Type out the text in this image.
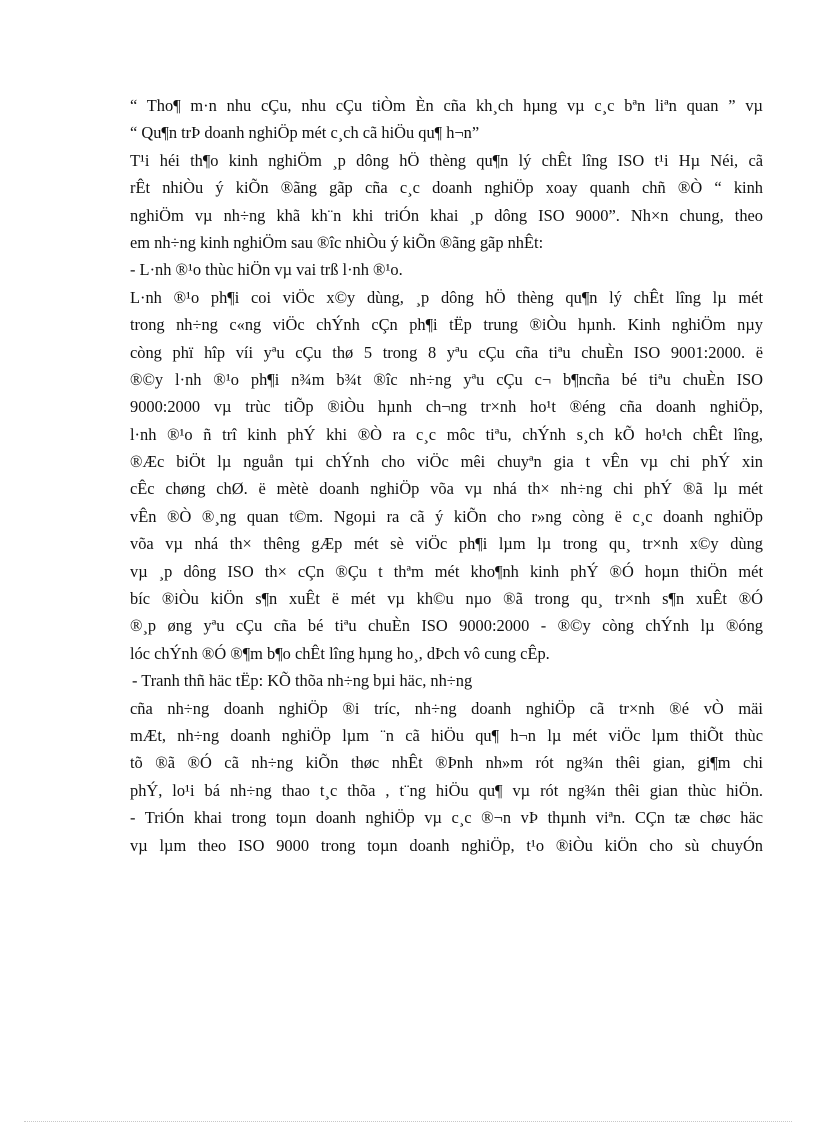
“ Tho¶ m·n nhu cÇu, nhu cÇu tiÒm Èn cña kh¸ch hµng vµ c¸c bªn liªn quan ” vµ
“ Qu¶n trÞ doanh nghiÖp mét c¸ch cã hiÖu qu¶ h¬n”
T¹i héi th¶o kinh nghiÖm ¸p dông hÖ thèng qu¶n lý chÊt lîng ISO t¹i Hµ Néi, cã
rÊt nhiÒu ý kiÕn ®ãng gãp cña c¸c doanh nghiÖp xoay quanh chñ ®Ò “ kinh
nghiÖm vµ nh÷ng khã kh¨n khi triÓn khai ¸p dông ISO 9000”. Nh×n chung, theo
em nh÷ng kinh nghiÖm sau ®îc nhiÒu ý kiÕn ®ãng gãp nhÊt:
- L·nh ®¹o thùc hiÖn vµ vai trß l·nh ®¹o.
L·nh ®¹o ph¶i coi viÖc x©y dùng, ¸p dông hÖ thèng qu¶n lý chÊt lîng lµ mét
trong nh÷ng c«ng viÖc chÝnh cÇn ph¶i tËp trung ®iÒu hµnh. Kinh nghiÖm nµy
còng phï hîp víi yªu cÇu thø 5 trong 8 yªu cÇu cña tiªu chuÈn ISO 9001:2000. ë
®©y l·nh ®¹o ph¶i n¾m b¾t ®îc nh÷ng yªu cÇu c¬ b¶ncña bé tiªu chuÈn ISO
9000:2000 vµ trùc tiÕp ®iÒu hµnh ch¬ng tr×nh ho¹t ®éng cña doanh nghiÖp,
l·nh ®¹o ñ trî kinh phÝ khi ®Ò ra c¸c môc tiªu, chÝnh s¸ch kÕ ho¹ch chÊt lîng,
®Æc biÖt lµ nguån tµi chÝnh cho viÖc mêi chuyªn gia t vÊn vµ chi phÝ xin
cÊc chøng chØ. ë mètè doanh nghiÖp võa vµ nhá th× nh÷ng chi phÝ ®ã lµ mét
vÊn ®Ò ®¸ng quan t©m. Ngoµi ra cã ý kiÕn cho r»ng còng ë c¸c doanh nghiÖp
võa vµ nhá th× thêng gÆp mét sè viÖc ph¶i lµm lµ trong qu¸ tr×nh x©y dùng
vµ ¸p dông ISO th× cÇn ®Çu t thªm mét kho¶nh kinh phÝ ®Ó hoµn thiÖn mét
bíc ®iÒu kiÖn s¶n xuÊt ë mét vµ kh©u nµo ®ã trong qu¸ tr×nh s¶n xuÊt ®Ó
®¸p øng yªu cÇu cña bé tiªu chuÈn ISO 9000:2000 - ®©y còng chÝnh lµ ®óng
lóc chÝnh ®Ó ®¶m b¶o chÊt lîng hµng ho¸, dÞch vô cung cÊp.
- Tranh thñ häc tËp: KÕ thõa nh÷ng bµi häc, nh÷ng
cña nh÷ng doanh nghiÖp ®i tríc, nh÷ng doanh nghiÖp cã tr×nh ®é vÒ mäi
mÆt, nh÷ng doanh nghiÖp lµm ¨n cã hiÖu qu¶ h¬n lµ mét viÖc lµm thiÕt thùc
tõ ®ã ®Ó cã nh÷ng kiÕn thøc nhÊt ®Þnh nh»m rót ng¾n thêi gian, gi¶m chi
phÝ, lo¹i bá nh÷ng thao t¸c thõa , t¨ng hiÖu qu¶ vµ rót ng¾n thêi gian thùc hiÖn.
- TriÓn khai trong toµn doanh nghiÖp vµ c¸c ®¬n vÞ thµnh viªn. CÇn tæ chøc häc
vµ lµm theo ISO 9000 trong toµn doanh nghiÖp, t¹o ®iÒu kiÖn cho sù chuyÓn
